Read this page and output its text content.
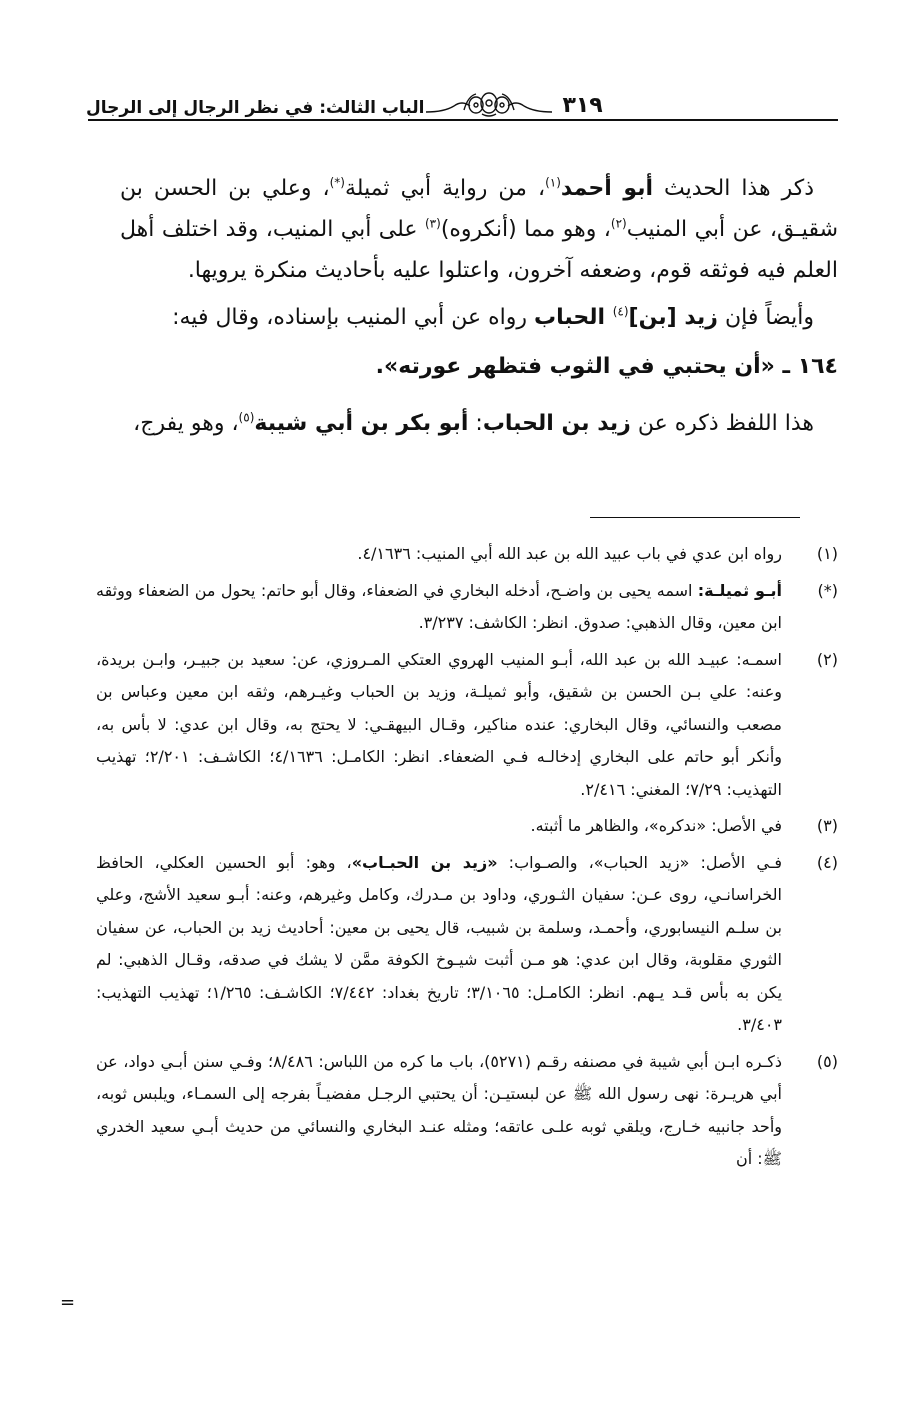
الباب الثالث: في نظر الرجال إلى الرجال	٣١٩

ذكر هذا الحديث أبو أحمد$^{(١)}$، من رواية أبي ثميلة(*)، وعلي بن الحسن بن شقيـق، عن أبي المنيب$^{(٢)}$، وهو مما (أنكروه)$^{(٣)}$ على أبي المنيب، وقد اختلف أهل العلم فيه فوثقه قوم، وضعفه آخرون، واعتلوا عليه بأحاديث منكرة يرويها.

وأيضاً فإن زيد [بن]$^{(٤)}$ الحباب رواه عن أبي المنيب بإسناده، وقال فيه:

١٦٤ ـ «أن يحتبي في الثوب فتظهر عورته».

هذا اللفظ ذكره عن زيد بن الحباب: أبو بكر بن أبي شيبة$^{(٥)}$، وهو يفرج،

(١)
رواه ابن عدي في باب عبيد الله بن عبد الله أبي المنيب: ٤/١٦٣٦.
(*)
أبـو ثميلـة: اسمه يحيى بن واضـح، أدخله البخاري في الضعفاء، وقال أبو حاتم: يحول من الضعفاء ووثقه ابن معين، وقال الذهبي: صدوق. انظر: الكاشف: ٣/٢٣٧.
(٢)
اسمـه: عبيـد الله بن عبد الله، أبـو المنيب الهروي العتكي المـروزي، عن: سعيد بن جبيـر، وابـن بريدة، وعنه: علي بـن الحسن بن شقيق، وأبو ثميلـة، وزيد بن الحباب وغيـرهم، وثقه ابن معين وعباس بن مصعب والنسائي، وقال البخاري: عنده مناكير، وقـال البيهقـي: لا يحتج به، وقال ابن عدي: لا بأس به، وأنكر أبو حاتم على البخاري إدخالـه فـي الضعفاء. انظر: الكامـل: ٤/١٦٣٦؛ الكاشـف: ٢/٢٠١؛ تهذيب التهذيب: ٧/٢٩؛ المغني: ٢/٤١٦.
(٣)
في الأصل: «ندكره»، والظاهر ما أثبته.
(٤)
فـي الأصل: «زيد الحباب»، والصـواب: «زيد بن الحبـاب»، وهو: أبو الحسين العكلي، الحافظ الخراسانـي، روى عـن: سفيان الثـوري، وداود بن مـدرك، وكامل وغيرهم، وعنه: أبـو سعيد الأشج، وعلي بن سلـم النيسابوري، وأحمـد، وسلمة بن شبيب، قال يحيى بن معين: أحاديث زيد بن الحباب، عن سفيان الثوري مقلوبة، وقال ابن عدي: هو مـن أثبت شيـوخ الكوفة ممَّن لا يشك في صدقه، وقـال الذهبي: لم يكن به بأس قـد يـهم. انظر: الكامـل: ٣/١٠٦٥؛ تاريخ بغداد: ٧/٤٤٢؛ الكاشـف: ١/٢٦٥؛ تهذيب التهذيب: ٣/٤٠٣.
(٥)
ذكـره ابـن أبي شيبة في مصنفه رقـم (٥٢٧١)، باب ما كره من اللباس: ٨/٤٨٦؛ وفـي سنن أبـي دواد، عن أبي هريـرة: نهى رسول الله ﷺ عن لبستيـن: أن يحتبي الرجـل مفضيـاً بفرجه إلى السمـاء، ويلبس ثوبه، وأحد جانبيه خـارج، ويلقي ثوبه علـى عاتقه؛ ومثله عنـد البخاري والنسائي من حديث أبـي سعيد الخدري ﷺ: أن
=
